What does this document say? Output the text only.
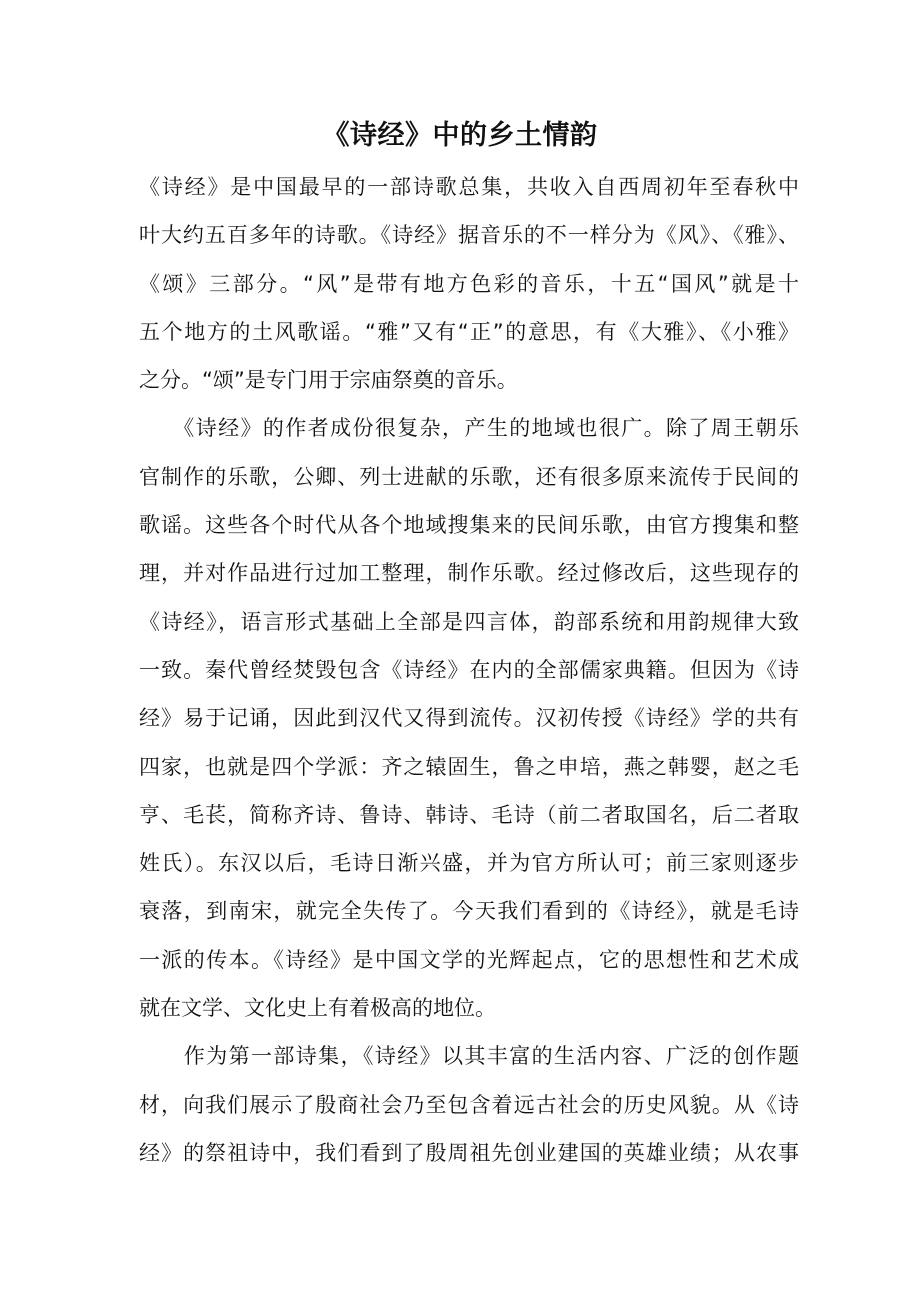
《诗经》中的乡土情韵
《诗经》是中国最早的一部诗歌总集，共收入自西周初年至春秋中
叶大约五百多年的诗歌。《诗经》据音乐的不一样分为《风》、《雅》、
《颂》三部分。“风”是带有地方色彩的音乐，十五“国风”就是十
五个地方的土风歌谣。“雅”又有“正”的意思，有《大雅》、《小雅》
之分。“颂”是专门用于宗庙祭奠的音乐。
　　《诗经》的作者成份很复杂，产生的地域也很广。除了周王朝乐
官制作的乐歌，公卿、列士进献的乐歌，还有很多原来流传于民间的
歌谣。这些各个时代从各个地域搜集来的民间乐歌，由官方搜集和整
理，并对作品进行过加工整理，制作乐歌。经过修改后，这些现存的
《诗经》，语言形式基础上全部是四言体，韵部系统和用韵规律大致
一致。秦代曾经焚毁包含《诗经》在内的全部儒家典籍。但因为《诗
经》易于记诵，因此到汉代又得到流传。汉初传授《诗经》学的共有
四家，也就是四个学派：齐之辕固生，鲁之申培，燕之韩婴，赵之毛
亨、毛苌，简称齐诗、鲁诗、韩诗、毛诗（前二者取国名，后二者取
姓氏）。东汉以后，毛诗日渐兴盛，并为官方所认可；前三家则逐步
衰落，到南宋，就完全失传了。今天我们看到的《诗经》，就是毛诗
一派的传本。《诗经》是中国文学的光辉起点，它的思想性和艺术成
就在文学、文化史上有着极高的地位。
　　作为第一部诗集，《诗经》以其丰富的生活内容、广泛的创作题
材，向我们展示了殷商社会乃至包含着远古社会的历史风貌。从《诗
经》的祭祖诗中，我们看到了殷周祖先创业建国的英雄业绩；从农事
